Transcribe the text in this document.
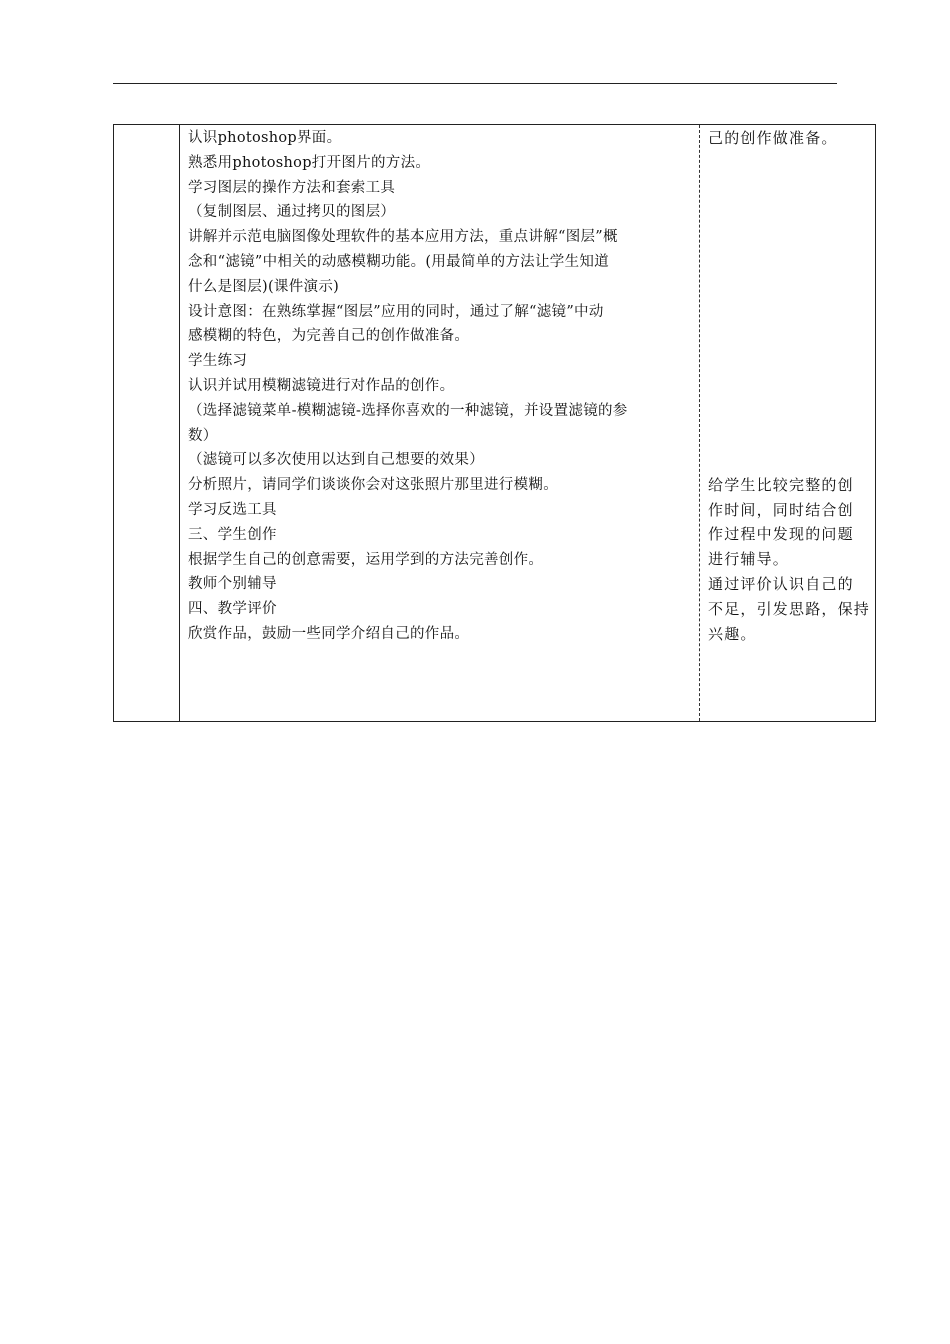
认识photoshop界面。
熟悉用photoshop打开图片的方法。
学习图层的操作方法和套索工具
（复制图层、通过拷贝的图层）
讲解并示范电脑图像处理软件的基本应用方法，重点讲解“图层”概
念和“滤镜”中相关的动感模糊功能。(用最简单的方法让学生知道
什么是图层)(课件演示)
设计意图：在熟练掌握“图层”应用的同时，通过了解“滤镜”中动
感模糊的特色，为完善自己的创作做准备。
学生练习
认识并试用模糊滤镜进行对作品的创作。
（选择滤镜菜单-模糊滤镜-选择你喜欢的一种滤镜，并设置滤镜的参
数）
（滤镜可以多次使用以达到自己想要的效果）
分析照片，请同学们谈谈你会对这张照片那里进行模糊。
学习反选工具
三、学生创作
根据学生自己的创意需要，运用学到的方法完善创作。
教师个别辅导
四、教学评价
欣赏作品，鼓励一些同学介绍自己的作品。
己的创作做准备。
给学生比较完整的创
作时间，同时结合创
作过程中发现的问题
进行辅导。
通过评价认识自己的
不足，引发思路，保持
兴趣。
